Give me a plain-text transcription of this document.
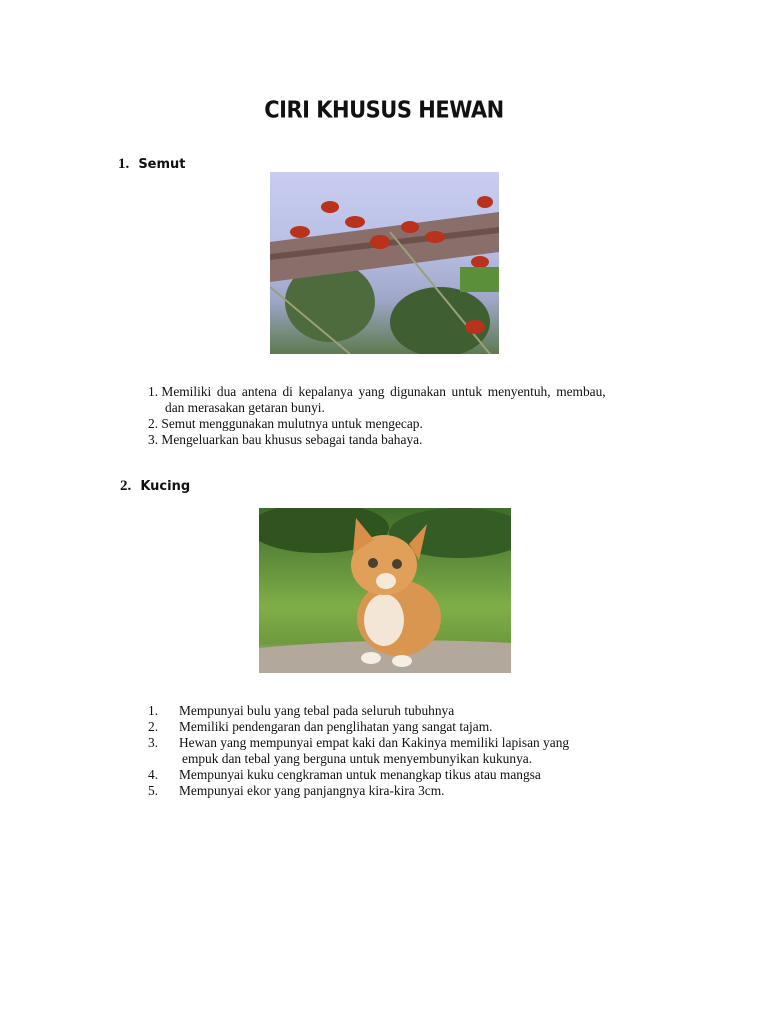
CIRI KHUSUS HEWAN
1. Semut
1. Memiliki dua antena di kepalanya yang digunakan untuk menyentuh, membau,
dan merasakan getaran bunyi.
2. Semut menggunakan mulutnya untuk mengecap.
3. Mengeluarkan bau khusus sebagai tanda bahaya.
2. Kucing
1. Mempunyai bulu yang tebal pada seluruh tubuhnya
2. Memiliki pendengaran dan penglihatan yang sangat tajam.
3. Hewan yang mempunyai empat kaki dan Kakinya memiliki lapisan yang
empuk dan tebal yang berguna untuk menyembunyikan kukunya.
4. Mempunyai kuku cengkraman untuk menangkap tikus atau mangsa
5. Mempunyai ekor yang panjangnya kira-kira 3cm.
